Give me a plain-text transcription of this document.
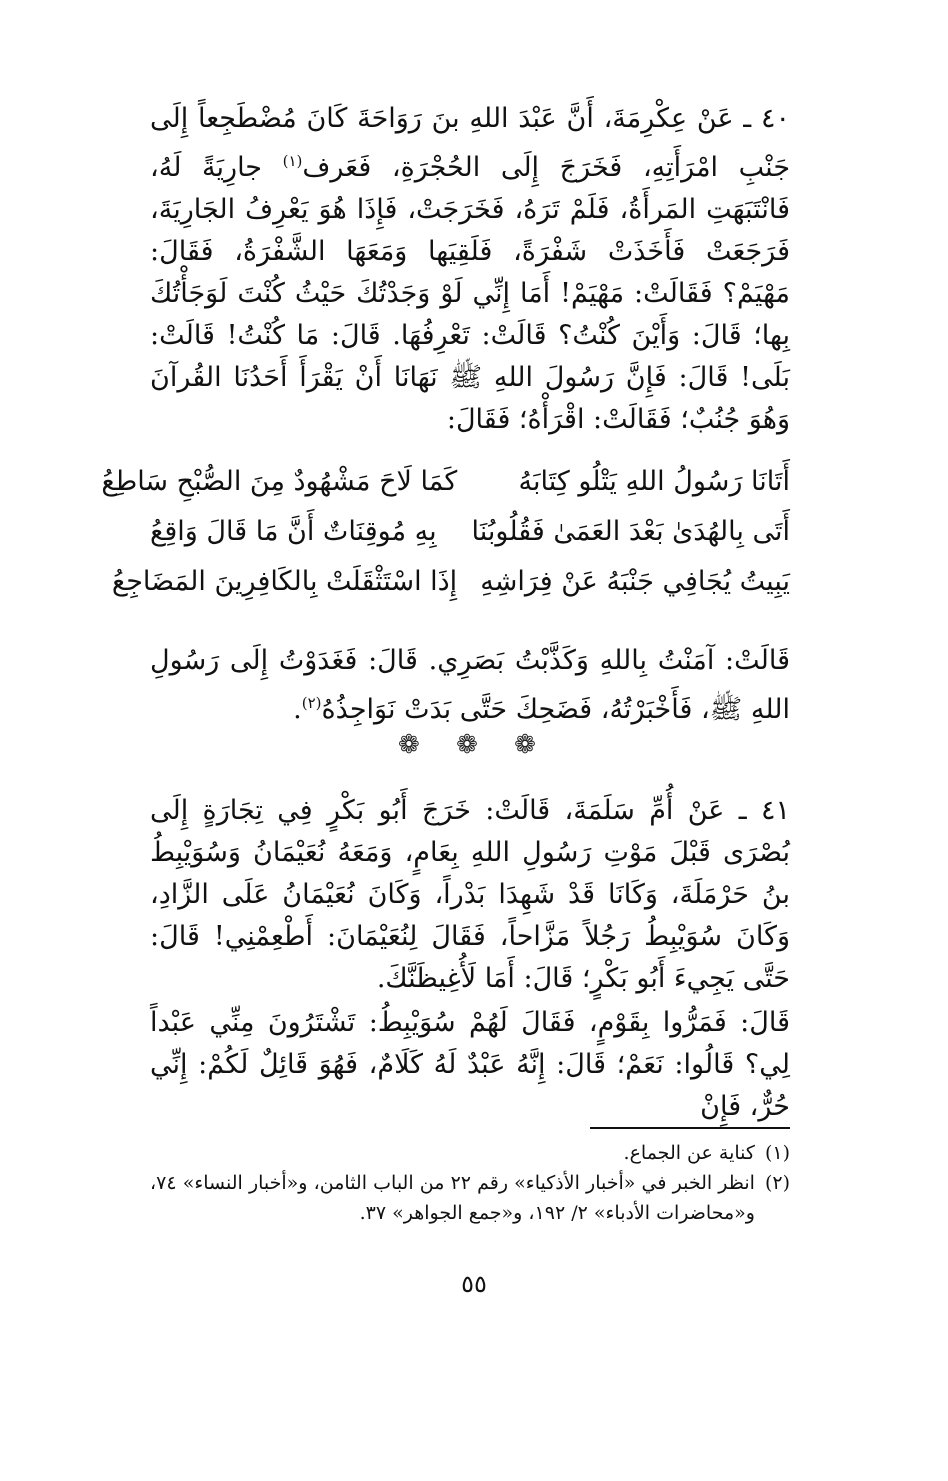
٤٠ ـ عَنْ عِكْرِمَةَ، أَنَّ عَبْدَ اللهِ بنَ رَوَاحَةَ كَانَ مُضْطَجِعاً إِلَى جَنْبِ امْرَأَتِهِ، فَخَرَجَ إِلَى الحُجْرَةِ، فَعَرف$^{(١)}$ جارِيَةً لَهُ، فَانْتَبَهَتِ المَرأَةُ، فَلَمْ تَرَهُ، فَخَرَجَتْ، فَإِذَا هُوَ يَعْرِفُ الجَارِيَةَ، فَرَجَعَتْ فَأَخَذَتْ شَفْرَةً، فَلَقِيَها وَمَعَهَا الشَّفْرَةُ، فَقَالَ: مَهْيَمْ؟ فَقَالَتْ: مَهْيَمْ! أَمَا إِنِّي لَوْ وَجَدْتُكَ حَيْثُ كُنْتَ لَوَجَأْتُكَ بِها؛ قَالَ: وَأَيْنَ كُنْتُ؟ قَالَتْ: تَعْرِفُهَا. قَالَ: مَا كُنْتُ! قَالَتْ: بَلَى! قَالَ: فَإِنَّ رَسُولَ اللهِ ﷺ نَهَانَا أَنْ يَقْرَأَ أَحَدُنَا القُرآنَ وَهُوَ جُنُبٌ؛ فَقَالَتْ: اقْرَأْهُ؛ فَقَالَ:

أَتَانَا رَسُولُ اللهِ يَتْلُو كِتَابَهُ
كَمَا لَاحَ مَشْهُودٌ مِنَ الصُّبْحِ سَاطِعُ
أَتَى بِالهُدَىٰ بَعْدَ العَمَىٰ فَقُلُوبُنَا
بِهِ مُوقِنَاتٌ أَنَّ مَا قَالَ وَاقِعُ
يَبِيتُ يُجَافِي جَنْبَهُ عَنْ فِرَاشِهِ
إِذَا اسْتَثْقَلَتْ بِالكَافِرِينَ المَضَاجِعُ

قَالَتْ: آمَنْتُ بِاللهِ وَكَذَّبْتُ بَصَرِي. قَالَ: فَغَدَوْتُ إِلَى رَسُولِ اللهِ ﷺ، فَأَخْبَرْتُهُ، فَضَحِكَ حَتَّى بَدَتْ نَوَاجِذُهُ$^{(٢)}$.

❁ ❁ ❁

٤١ ـ عَنْ أُمِّ سَلَمَةَ، قَالَتْ: خَرَجَ أَبُو بَكْرٍ فِي تِجَارَةٍ إِلَى بُصْرَى قَبْلَ مَوْتِ رَسُولِ اللهِ بِعَامٍ، وَمَعَهُ نُعَيْمَانُ وَسُوَيْبِطُ بنُ حَرْمَلَةَ، وَكَانَا قَدْ شَهِدَا بَدْراً، وَكَانَ نُعَيْمَانُ عَلَى الزَّادِ، وَكَانَ سُوَيْبِطُ رَجُلاً مَزَّاحاً، فَقَالَ لِنُعَيْمَانَ: أَطْعِمْنِي! قَالَ: حَتَّى يَجِيءَ أَبُو بَكْرٍ؛ قَالَ: أَمَا لَأُغِيظَنَّكَ.

قَالَ: فَمَرُّوا بِقَوْمٍ، فَقَالَ لَهُمْ سُوَيْبِطُ: تَشْتَرُونَ مِنِّي عَبْداً لِي؟ قَالُوا: نَعَمْ؛ قَالَ: إِنَّهُ عَبْدٌ لَهُ كَلَامٌ، فَهُوَ قَائِلٌ لَكُمْ: إِنِّي حُرٌّ، فَإِنْ

(١)
كناية عن الجماع.
(٢)
انظر الخبر في «أخبار الأذكياء» رقم ٢٢ من الباب الثامن، و«أخبار النساء» ٧٤، و«محاضرات الأدباء» ٢/ ١٩٢، و«جمع الجواهر» ٣٧.
٥٥
